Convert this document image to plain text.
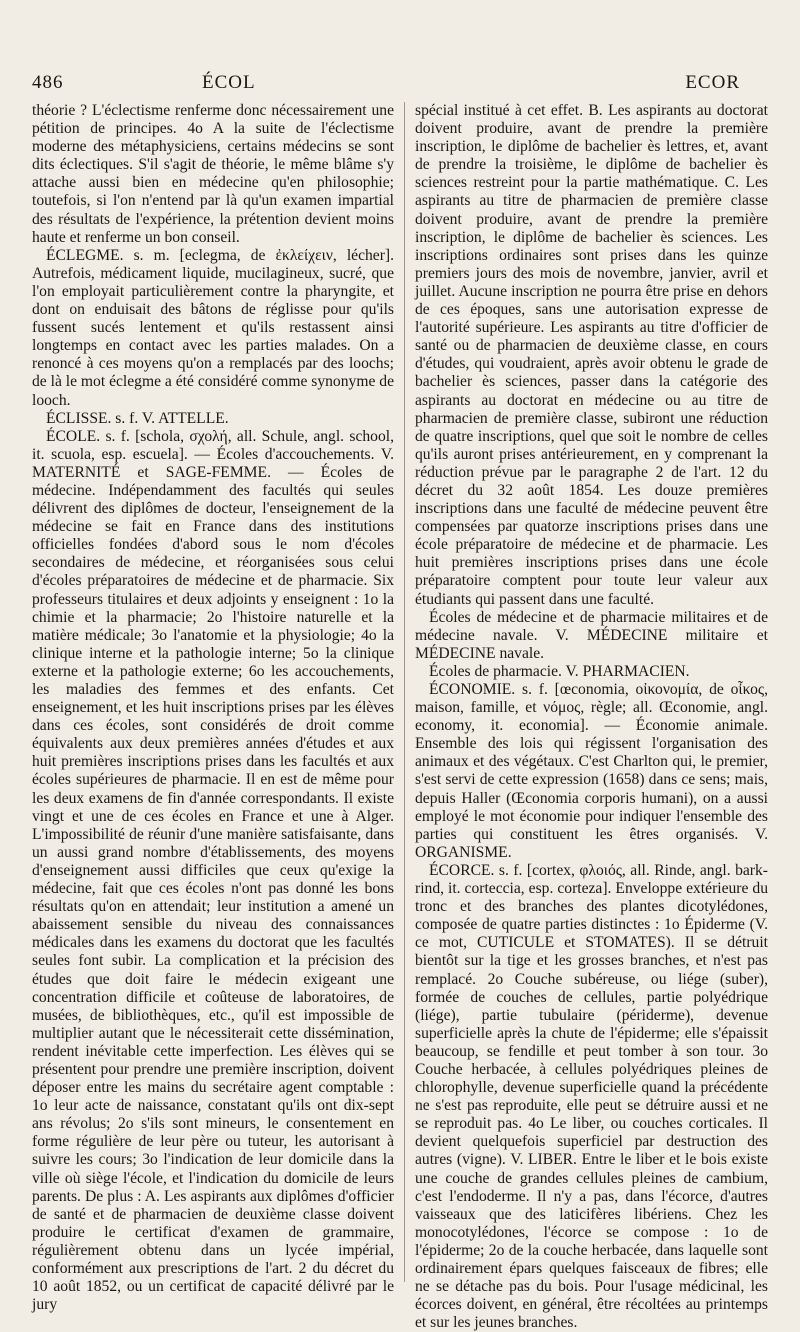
486	ÉCOL	ECOR

théorie ? L'éclectisme renferme donc nécessairement une pétition de principes. 4o A la suite de l'éclectisme moderne des métaphysiciens, certains médecins se sont dits éclectiques. S'il s'agit de théorie, le même blâme s'y attache aussi bien en médecine qu'en philosophie; toutefois, si l'on n'entend par là qu'un examen impartial des résultats de l'expérience, la prétention devient moins haute et renferme un bon conseil.

ÉCLEGME. s. m. [eclegma, de ἐκλείχειν, lécher]. Autrefois, médicament liquide, mucilagineux, sucré, que l'on employait particulièrement contre la pharyngite, et dont on enduisait des bâtons de réglisse pour qu'ils fussent sucés lentement et qu'ils restassent ainsi longtemps en contact avec les parties malades. On a renoncé à ces moyens qu'on a remplacés par des loochs; de là le mot éclegme a été considéré comme synonyme de looch.

ÉCLISSE. s. f. V. ATTELLE.

ÉCOLE. s. f. [schola, σχολή, all. Schule, angl. school, it. scuola, esp. escuela]. — Écoles d'accouchements. V. MATERNITÉ et SAGE-FEMME. — Écoles de médecine. Indépendamment des facultés qui seules délivrent des diplômes de docteur, l'enseignement de la médecine se fait en France dans des institutions officielles fondées d'abord sous le nom d'écoles secondaires de médecine, et réorganisées sous celui d'écoles préparatoires de médecine et de pharmacie. Six professeurs titulaires et deux adjoints y enseignent : 1o la chimie et la pharmacie; 2o l'histoire naturelle et la matière médicale; 3o l'anatomie et la physiologie; 4o la clinique interne et la pathologie interne; 5o la clinique externe et la pathologie externe; 6o les accouchements, les maladies des femmes et des enfants. Cet enseignement, et les huit inscriptions prises par les élèves dans ces écoles, sont considérés de droit comme équivalents aux deux premières années d'études et aux huit premières inscriptions prises dans les facultés et aux écoles supérieures de pharmacie. Il en est de même pour les deux examens de fin d'année correspondants. Il existe vingt et une de ces écoles en France et une à Alger. L'impossibilité de réunir d'une manière satisfaisante, dans un aussi grand nombre d'établissements, des moyens d'enseignement aussi difficiles que ceux qu'exige la médecine, fait que ces écoles n'ont pas donné les bons résultats qu'on en attendait; leur institution a amené un abaissement sensible du niveau des connaissances médicales dans les examens du doctorat que les facultés seules font subir. La complication et la précision des études que doit faire le médecin exigeant une concentration difficile et coûteuse de laboratoires, de musées, de bibliothèques, etc., qu'il est impossible de multiplier autant que le nécessiterait cette dissémination, rendent inévitable cette imperfection. Les élèves qui se présentent pour prendre une première inscription, doivent déposer entre les mains du secrétaire agent comptable : 1o leur acte de naissance, constatant qu'ils ont dix-sept ans révolus; 2o s'ils sont mineurs, le consentement en forme régulière de leur père ou tuteur, les autorisant à suivre les cours; 3o l'indication de leur domicile dans la ville où siège l'école, et l'indication du domicile de leurs parents. De plus : A. Les aspirants aux diplômes d'officier de santé et de pharmacien de deuxième classe doivent produire le certificat d'examen de grammaire, régulièrement obtenu dans un lycée impérial, conformément aux prescriptions de l'art. 2 du décret du 10 août 1852, ou un certificat de capacité délivré par le jury

spécial institué à cet effet. B. Les aspirants au doctorat doivent produire, avant de prendre la première inscription, le diplôme de bachelier ès lettres, et, avant de prendre la troisième, le diplôme de bachelier ès sciences restreint pour la partie mathématique. C. Les aspirants au titre de pharmacien de première classe doivent produire, avant de prendre la première inscription, le diplôme de bachelier ès sciences. Les inscriptions ordinaires sont prises dans les quinze premiers jours des mois de novembre, janvier, avril et juillet. Aucune inscription ne pourra être prise en dehors de ces époques, sans une autorisation expresse de l'autorité supérieure. Les aspirants au titre d'officier de santé ou de pharmacien de deuxième classe, en cours d'études, qui voudraient, après avoir obtenu le grade de bachelier ès sciences, passer dans la catégorie des aspirants au doctorat en médecine ou au titre de pharmacien de première classe, subiront une réduction de quatre inscriptions, quel que soit le nombre de celles qu'ils auront prises antérieurement, en y comprenant la réduction prévue par le paragraphe 2 de l'art. 12 du décret du 32 août 1854. Les douze premières inscriptions dans une faculté de médecine peuvent être compensées par quatorze inscriptions prises dans une école préparatoire de médecine et de pharmacie. Les huit premières inscriptions prises dans une école préparatoire comptent pour toute leur valeur aux étudiants qui passent dans une faculté.

Écoles de médecine et de pharmacie militaires et de médecine navale. V. MÉDECINE militaire et MÉDECINE navale.

Écoles de pharmacie. V. PHARMACIEN.

ÉCONOMIE. s. f. [œconomia, οἰκονομία, de οἶκος, maison, famille, et νόμος, règle; all. Œconomie, angl. economy, it. economia]. — Économie animale. Ensemble des lois qui régissent l'organisation des animaux et des végétaux. C'est Charlton qui, le premier, s'est servi de cette expression (1658) dans ce sens; mais, depuis Haller (Œconomia corporis humani), on a aussi employé le mot économie pour indiquer l'ensemble des parties qui constituent les êtres organisés. V. ORGANISME.

ÉCORCE. s. f. [cortex, φλοιός, all. Rinde, angl. bark-rind, it. corteccia, esp. corteza]. Enveloppe extérieure du tronc et des branches des plantes dicotylédones, composée de quatre parties distinctes : 1o Épiderme (V. ce mot, CUTICULE et STOMATES). Il se détruit bientôt sur la tige et les grosses branches, et n'est pas remplacé. 2o Couche subéreuse, ou liége (suber), formée de couches de cellules, partie polyédrique (liége), partie tubulaire (périderme), devenue superficielle après la chute de l'épiderme; elle s'épaissit beaucoup, se fendille et peut tomber à son tour. 3o Couche herbacée, à cellules polyédriques pleines de chlorophylle, devenue superficielle quand la précédente ne s'est pas reproduite, elle peut se détruire aussi et ne se reproduit pas. 4o Le liber, ou couches corticales. Il devient quelquefois superficiel par destruction des autres (vigne). V. LIBER. Entre le liber et le bois existe une couche de grandes cellules pleines de cambium, c'est l'endoderme. Il n'y a pas, dans l'écorce, d'autres vaisseaux que des laticifères libériens. Chez les monocotylédones, l'écorce se compose : 1o de l'épiderme; 2o de la couche herbacée, dans laquelle sont ordinairement épars quelques faisceaux de fibres; elle ne se détache pas du bois. Pour l'usage médicinal, les écorces doivent, en général, être récoltées au printemps et sur les jeunes branches.
